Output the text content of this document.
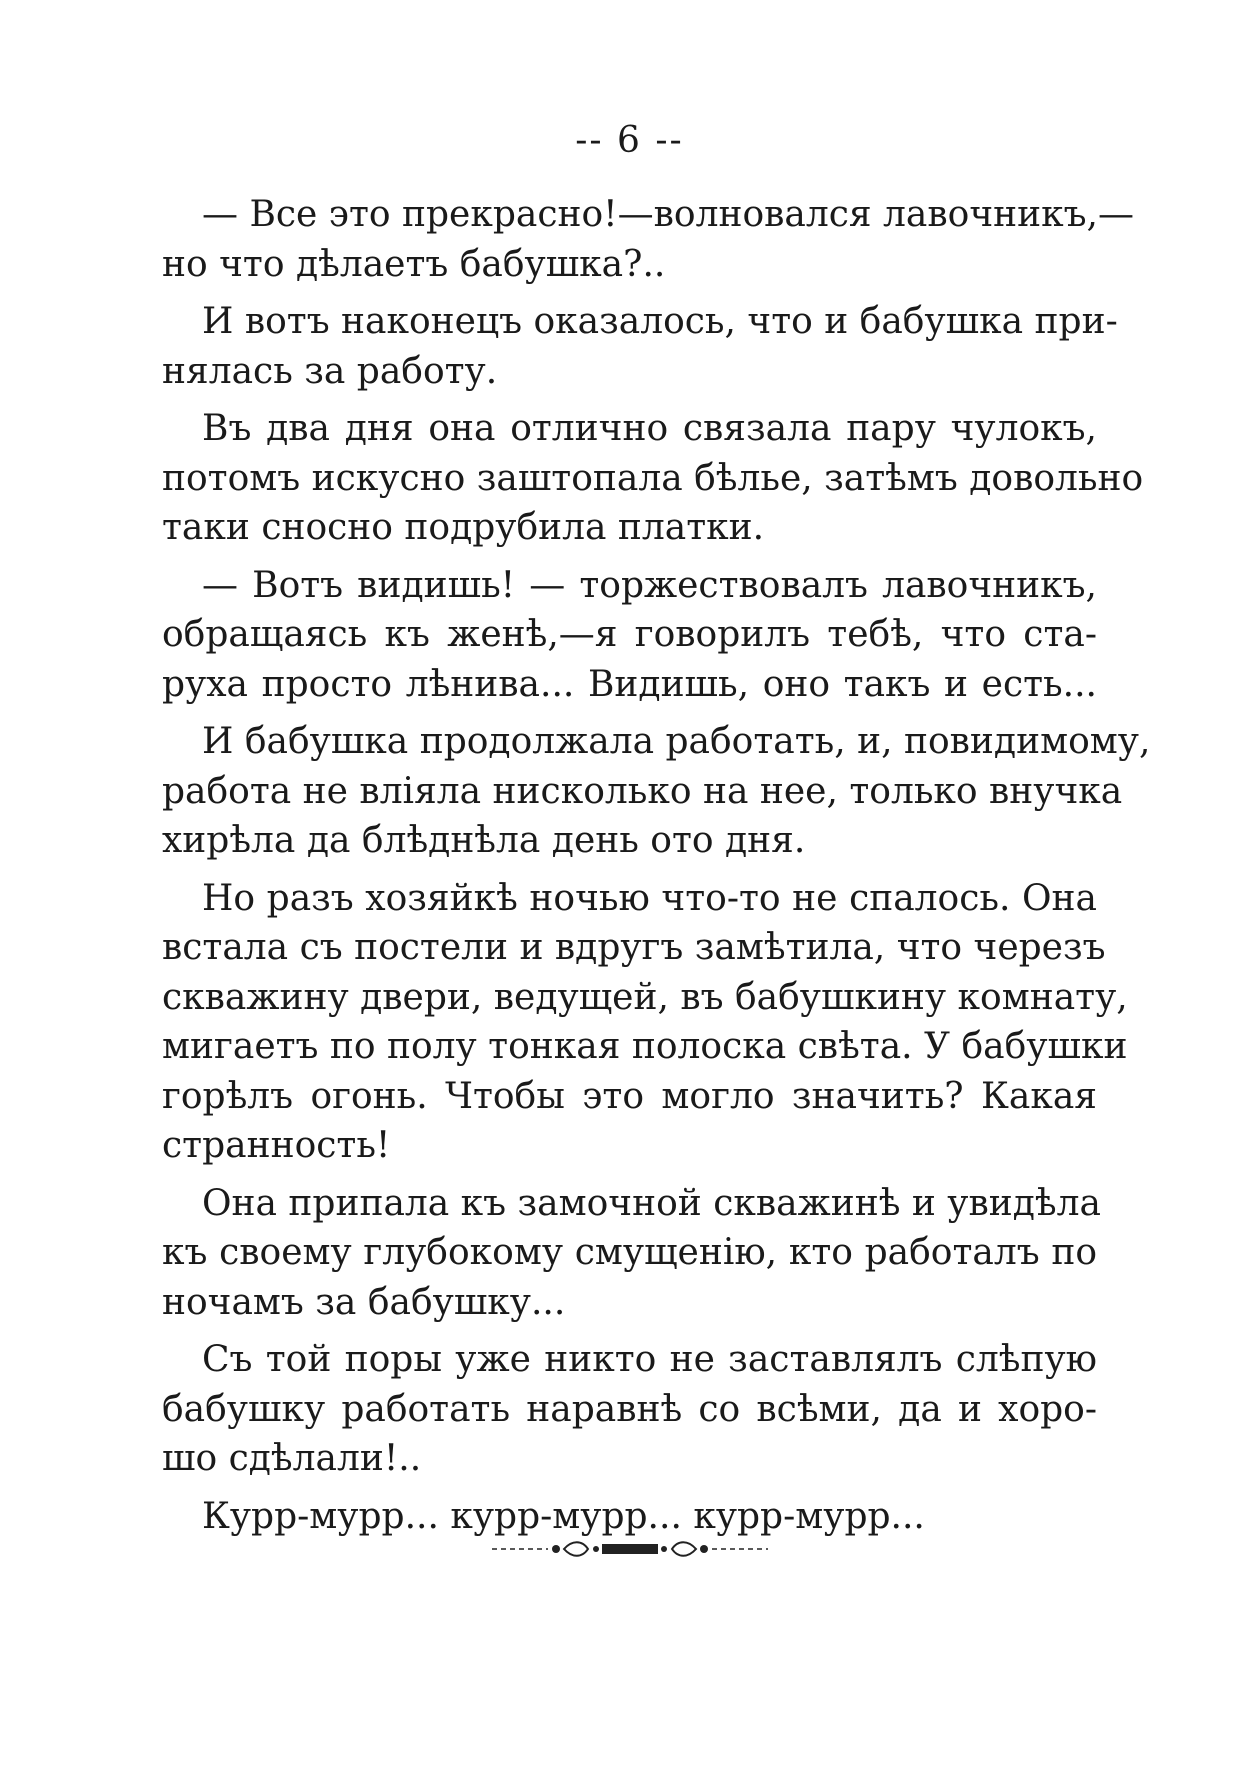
-- 6 --

— Все это прекрасно!—волновался лавочникъ,—
но что дѣлаетъ бабушка?..

И вотъ наконецъ оказалось, что и бабушка при-
нялась за работу.

Въ два дня она отлично связала пару чулокъ,
потомъ искусно заштопала бѣлье, затѣмъ довольно
таки сносно подрубила платки.

— Вотъ видишь! — торжествовалъ лавочникъ,
обращаясь къ женѣ,—я говорилъ тебѣ, что ста-
руха просто лѣнива... Видишь, оно такъ и есть...

И бабушка продолжала работать, и, повидимому,
работа не вліяла нисколько на нее, только внучка
хирѣла да блѣднѣла день ото дня.

Но разъ хозяйкѣ ночью что-то не спалось. Она
встала съ постели и вдругъ замѣтила, что черезъ
скважину двери, ведущей, въ бабушкину комнату,
мигаетъ по полу тонкая полоска свѣта. У бабушки
горѣлъ огонь. Чтобы это могло значить? Какая
странность!

Она припала къ замочной скважинѣ и увидѣла
къ своему глубокому смущенію, кто работалъ по
ночамъ за бабушку...

Съ той поры уже никто не заставлялъ слѣпую
бабушку работать наравнѣ со всѣми, да и хоро-
шо сдѣлали!..

Курр-мурр... курр-мурр... курр-мурр...
